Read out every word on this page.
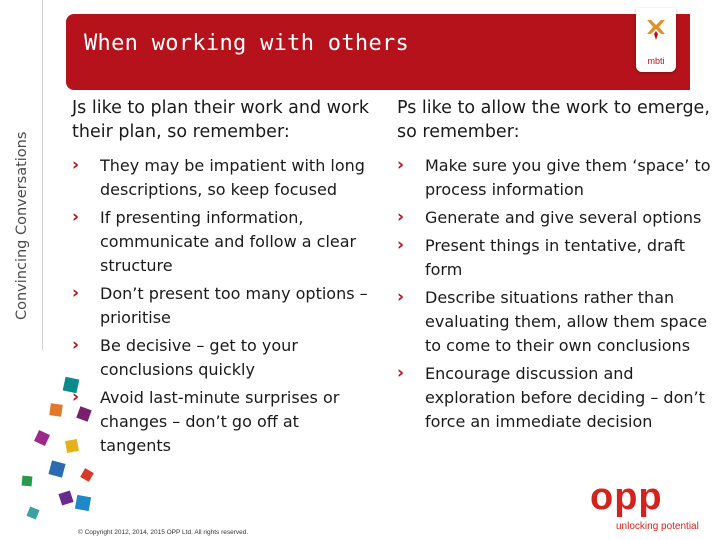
Convincing Conversations
When working with others
mbti
Js like to plan their work and work their plan, so remember:
›	They may be impatient with long descriptions, so keep focused
›	If presenting information, communicate and follow a clear structure
›	Don’t present too many options – prioritise
›	Be decisive – get to your conclusions quickly
›	Avoid last-minute surprises or changes – don’t go off at tangents
Ps like to allow the work to emerge, so remember:
›	Make sure you give them ‘space’ to process information
›	Generate and give several options
›	Present things in tentative, draft form
›	Describe situations rather than evaluating them, allow them space to come to their own conclusions
›	Encourage discussion and exploration before deciding – don’t force an immediate decision
© Copyright 2012, 2014, 2015 OPP Ltd. All rights reserved.
opp
unlocking potential
